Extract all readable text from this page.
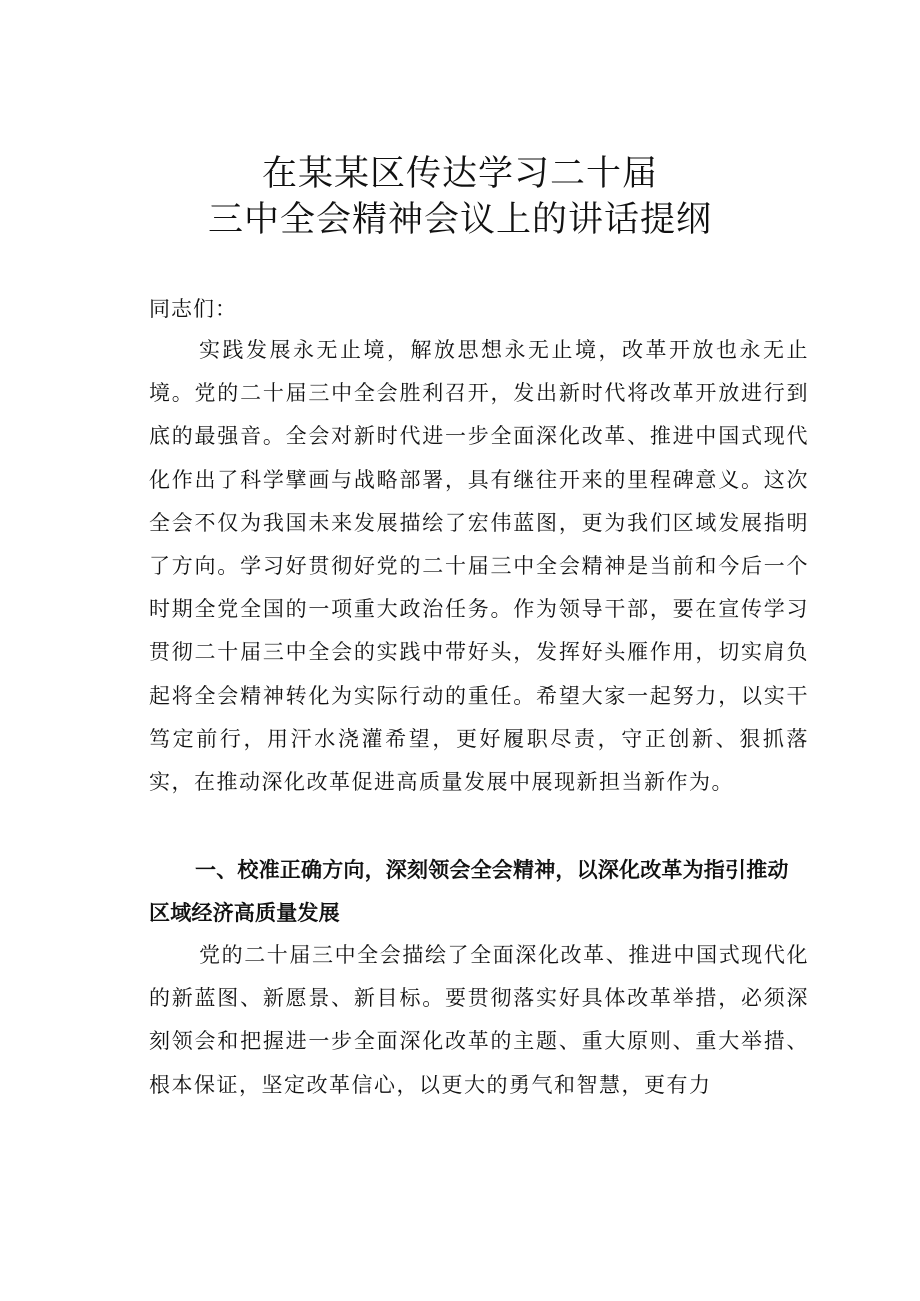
在某某区传达学习二十届
三中全会精神会议上的讲话提纲

同志们：

实践发展永无止境，解放思想永无止境，改革开放也永无止境。党的二十届三中全会胜利召开，发出新时代将改革开放进行到底的最强音。全会对新时代进一步全面深化改革、推进中国式现代化作出了科学擘画与战略部署，具有继往开来的里程碑意义。这次全会不仅为我国未来发展描绘了宏伟蓝图，更为我们区域发展指明了方向。学习好贯彻好党的二十届三中全会精神是当前和今后一个时期全党全国的一项重大政治任务。作为领导干部，要在宣传学习贯彻二十届三中全会的实践中带好头，发挥好头雁作用，切实肩负起将全会精神转化为实际行动的重任。希望大家一起努力，以实干笃定前行，用汗水浇灌希望，更好履职尽责，守正创新、狠抓落实，在推动深化改革促进高质量发展中展现新担当新作为。

一、校准正确方向，深刻领会全会精神，以深化改革为指引推动区域经济高质量发展

党的二十届三中全会描绘了全面深化改革、推进中国式现代化的新蓝图、新愿景、新目标。要贯彻落实好具体改革举措，必须深刻领会和把握进一步全面深化改革的主题、重大原则、重大举措、根本保证，坚定改革信心，以更大的勇气和智慧，更有力
